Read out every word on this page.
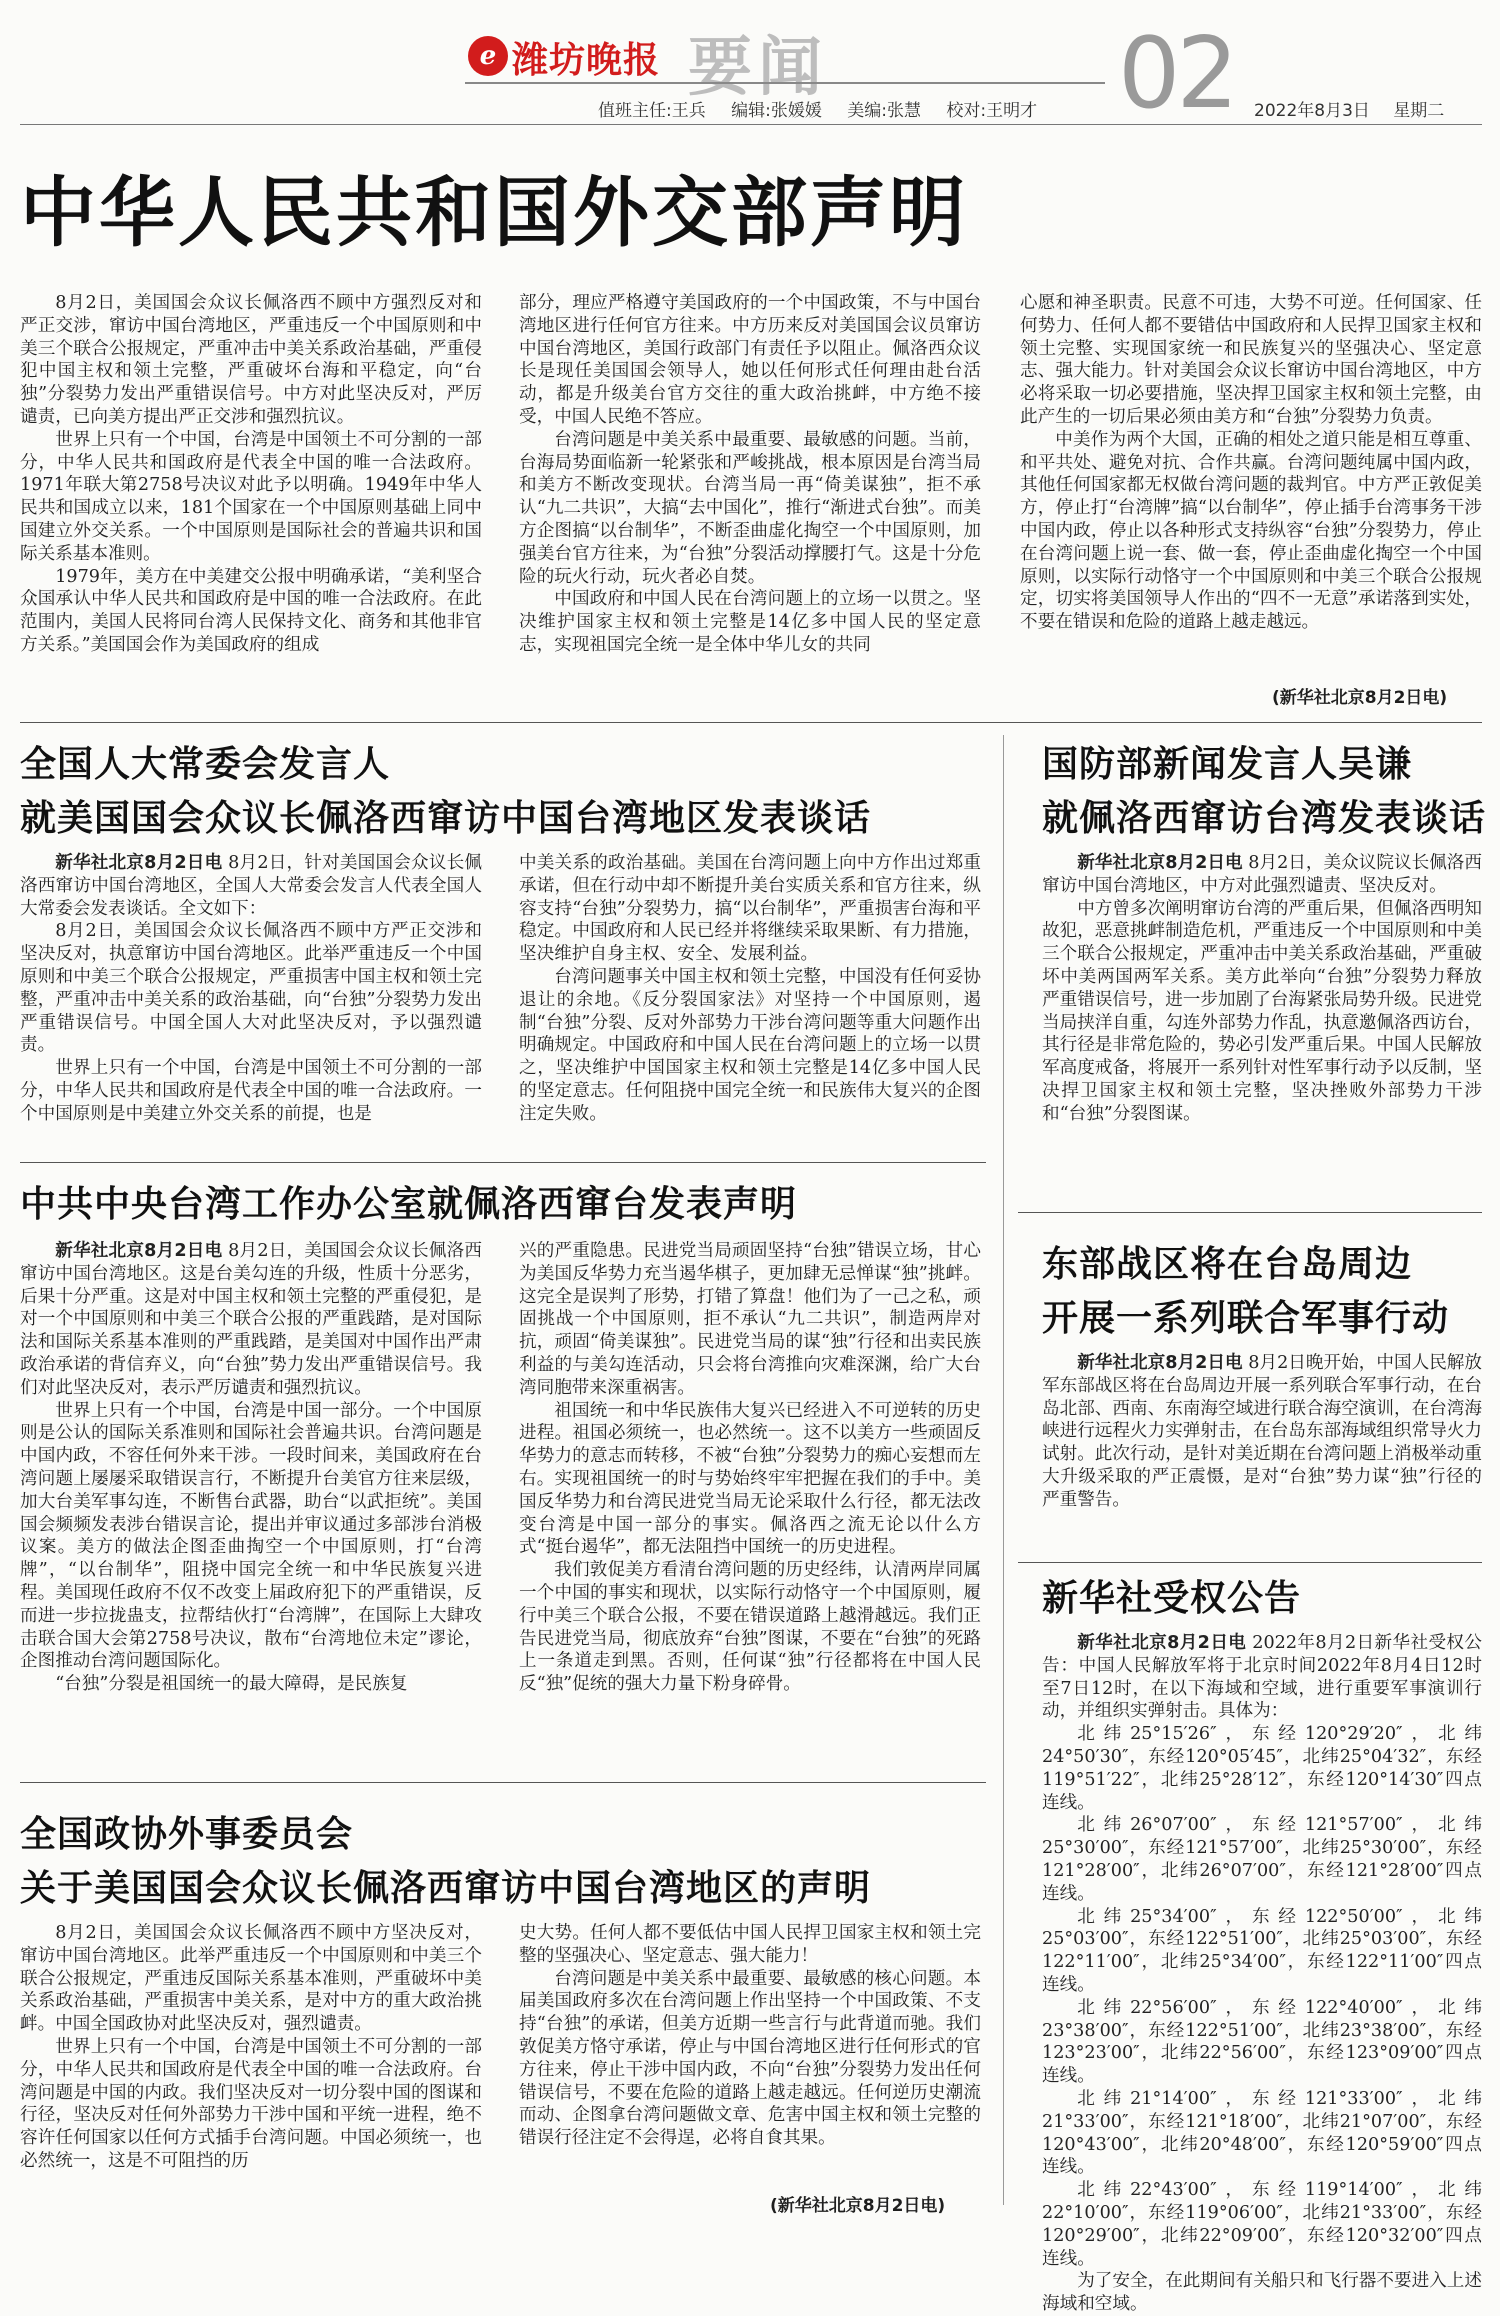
ℯ 潍坊晚报 要闻
值班主任:王兵 编辑:张媛媛 美编:张慧 校对:王明才 02 2022年8月3日 星期二
中华人民共和国外交部声明

8月2日，美国国会众议长佩洛西不顾中方强烈反对和严正交涉，窜访中国台湾地区，严重违反一个中国原则和中美三个联合公报规定，严重冲击中美关系政治基础，严重侵犯中国主权和领土完整，严重破坏台海和平稳定，向“台独”分裂势力发出严重错误信号。中方对此坚决反对，严厉谴责，已向美方提出严正交涉和强烈抗议。

世界上只有一个中国，台湾是中国领土不可分割的一部分，中华人民共和国政府是代表全中国的唯一合法政府。1971年联大第2758号决议对此予以明确。1949年中华人民共和国成立以来，181个国家在一个中国原则基础上同中国建立外交关系。一个中国原则是国际社会的普遍共识和国际关系基本准则。

1979年，美方在中美建交公报中明确承诺，“美利坚合众国承认中华人民共和国政府是中国的唯一合法政府。在此范围内，美国人民将同台湾人民保持文化、商务和其他非官方关系。”美国国会作为美国政府的组成

部分，理应严格遵守美国政府的一个中国政策，不与中国台湾地区进行任何官方往来。中方历来反对美国国会议员窜访中国台湾地区，美国行政部门有责任予以阻止。佩洛西众议长是现任美国国会领导人，她以任何形式任何理由赴台活动，都是升级美台官方交往的重大政治挑衅，中方绝不接受，中国人民绝不答应。

台湾问题是中美关系中最重要、最敏感的问题。当前，台海局势面临新一轮紧张和严峻挑战，根本原因是台湾当局和美方不断改变现状。台湾当局一再“倚美谋独”，拒不承认“九二共识”，大搞“去中国化”，推行“渐进式台独”。而美方企图搞“以台制华”，不断歪曲虚化掏空一个中国原则，加强美台官方往来，为“台独”分裂活动撑腰打气。这是十分危险的玩火行动，玩火者必自焚。

中国政府和中国人民在台湾问题上的立场一以贯之。坚决维护国家主权和领土完整是14亿多中国人民的坚定意志，实现祖国完全统一是全体中华儿女的共同

心愿和神圣职责。民意不可违，大势不可逆。任何国家、任何势力、任何人都不要错估中国政府和人民捍卫国家主权和领土完整、实现国家统一和民族复兴的坚强决心、坚定意志、强大能力。针对美国会众议长窜访中国台湾地区，中方必将采取一切必要措施，坚决捍卫国家主权和领土完整，由此产生的一切后果必须由美方和“台独”分裂势力负责。

中美作为两个大国，正确的相处之道只能是相互尊重、和平共处、避免对抗、合作共赢。台湾问题纯属中国内政，其他任何国家都无权做台湾问题的裁判官。中方严正敦促美方，停止打“台湾牌”搞“以台制华”，停止插手台湾事务干涉中国内政，停止以各种形式支持纵容“台独”分裂势力，停止在台湾问题上说一套、做一套，停止歪曲虚化掏空一个中国原则，以实际行动恪守一个中国原则和中美三个联合公报规定，切实将美国领导人作出的“四不一无意”承诺落到实处，不要在错误和危险的道路上越走越远。

(新华社北京8月2日电)
全国人大常委会发言人
就美国国会众议长佩洛西窜访中国台湾地区发表谈话

新华社北京8月2日电 8月2日，针对美国国会众议长佩洛西窜访中国台湾地区，全国人大常委会发言人代表全国人大常委会发表谈话。全文如下：

8月2日，美国国会众议长佩洛西不顾中方严正交涉和坚决反对，执意窜访中国台湾地区。此举严重违反一个中国原则和中美三个联合公报规定，严重损害中国主权和领土完整，严重冲击中美关系的政治基础，向“台独”分裂势力发出严重错误信号。中国全国人大对此坚决反对，予以强烈谴责。

世界上只有一个中国，台湾是中国领土不可分割的一部分，中华人民共和国政府是代表全中国的唯一合法政府。一个中国原则是中美建立外交关系的前提，也是

中美关系的政治基础。美国在台湾问题上向中方作出过郑重承诺，但在行动中却不断提升美台实质关系和官方往来，纵容支持“台独”分裂势力，搞“以台制华”，严重损害台海和平稳定。中国政府和人民已经并将继续采取果断、有力措施，坚决维护自身主权、安全、发展利益。

台湾问题事关中国主权和领土完整，中国没有任何妥协退让的余地。《反分裂国家法》对坚持一个中国原则，遏制“台独”分裂、反对外部势力干涉台湾问题等重大问题作出明确规定。中国政府和中国人民在台湾问题上的立场一以贯之，坚决维护中国国家主权和领土完整是14亿多中国人民的坚定意志。任何阻挠中国完全统一和民族伟大复兴的企图注定失败。

中共中央台湾工作办公室就佩洛西窜台发表声明

新华社北京8月2日电 8月2日，美国国会众议长佩洛西窜访中国台湾地区。这是台美勾连的升级，性质十分恶劣，后果十分严重。这是对中国主权和领土完整的严重侵犯，是对一个中国原则和中美三个联合公报的严重践踏，是对国际法和国际关系基本准则的严重践踏，是美国对中国作出严肃政治承诺的背信弃义，向“台独”势力发出严重错误信号。我们对此坚决反对，表示严厉谴责和强烈抗议。

世界上只有一个中国，台湾是中国一部分。一个中国原则是公认的国际关系准则和国际社会普遍共识。台湾问题是中国内政，不容任何外来干涉。一段时间来，美国政府在台湾问题上屡屡采取错误言行，不断提升台美官方往来层级，加大台美军事勾连，不断售台武器，助台“以武拒统”。美国国会频频发表涉台错误言论，提出并审议通过多部涉台消极议案。美方的做法企图歪曲掏空一个中国原则，打“台湾牌”，“以台制华”，阻挠中国完全统一和中华民族复兴进程。美国现任政府不仅不改变上届政府犯下的严重错误，反而进一步拉拢蛊支，拉帮结伙打“台湾牌”，在国际上大肆攻击联合国大会第2758号决议，散布“台湾地位未定”谬论，企图推动台湾问题国际化。

“台独”分裂是祖国统一的最大障碍，是民族复

兴的严重隐患。民进党当局顽固坚持“台独”错误立场，甘心为美国反华势力充当遏华棋子，更加肆无忌惮谋“独”挑衅。这完全是误判了形势，打错了算盘！他们为了一己之私，顽固挑战一个中国原则，拒不承认“九二共识”，制造两岸对抗，顽固“倚美谋独”。民进党当局的谋“独”行径和出卖民族利益的与美勾连活动，只会将台湾推向灾难深渊，给广大台湾同胞带来深重祸害。

祖国统一和中华民族伟大复兴已经进入不可逆转的历史进程。祖国必须统一，也必然统一。这不以美方一些顽固反华势力的意志而转移，不被“台独”分裂势力的痴心妄想而左右。实现祖国统一的时与势始终牢牢把握在我们的手中。美国反华势力和台湾民进党当局无论采取什么行径，都无法改变台湾是中国一部分的事实。佩洛西之流无论以什么方式“挺台遏华”，都无法阻挡中国统一的历史进程。

我们敦促美方看清台湾问题的历史经纬，认清两岸同属一个中国的事实和现状，以实际行动恪守一个中国原则，履行中美三个联合公报，不要在错误道路上越滑越远。我们正告民进党当局，彻底放弃“台独”图谋，不要在“台独”的死路上一条道走到黑。否则，任何谋“独”行径都将在中国人民反“独”促统的强大力量下粉身碎骨。

全国政协外事委员会
关于美国国会众议长佩洛西窜访中国台湾地区的声明

8月2日，美国国会众议长佩洛西不顾中方坚决反对，窜访中国台湾地区。此举严重违反一个中国原则和中美三个联合公报规定，严重违反国际关系基本准则，严重破坏中美关系政治基础，严重损害中美关系，是对中方的重大政治挑衅。中国全国政协对此坚决反对，强烈谴责。

世界上只有一个中国，台湾是中国领土不可分割的一部分，中华人民共和国政府是代表全中国的唯一合法政府。台湾问题是中国的内政。我们坚决反对一切分裂中国的图谋和行径，坚决反对任何外部势力干涉中国和平统一进程，绝不容许任何国家以任何方式插手台湾问题。中国必须统一，也必然统一，这是不可阻挡的历

史大势。任何人都不要低估中国人民捍卫国家主权和领土完整的坚强决心、坚定意志、强大能力！

台湾问题是中美关系中最重要、最敏感的核心问题。本届美国政府多次在台湾问题上作出坚持一个中国政策、不支持“台独”的承诺，但美方近期一些言行与此背道而驰。我们敦促美方恪守承诺，停止与中国台湾地区进行任何形式的官方往来，停止干涉中国内政，不向“台独”分裂势力发出任何错误信号，不要在危险的道路上越走越远。任何逆历史潮流而动、企图拿台湾问题做文章、危害中国主权和领土完整的错误行径注定不会得逞，必将自食其果。

(新华社北京8月2日电)
国防部新闻发言人吴谦
就佩洛西窜访台湾发表谈话

新华社北京8月2日电 8月2日，美众议院议长佩洛西窜访中国台湾地区，中方对此强烈谴责、坚决反对。

中方曾多次阐明窜访台湾的严重后果，但佩洛西明知故犯，恶意挑衅制造危机，严重违反一个中国原则和中美三个联合公报规定，严重冲击中美关系政治基础，严重破坏中美两国两军关系。美方此举向“台独”分裂势力释放严重错误信号，进一步加剧了台海紧张局势升级。民进党当局挟洋自重，勾连外部势力作乱，执意邀佩洛西访台，其行径是非常危险的，势必引发严重后果。中国人民解放军高度戒备，将展开一系列针对性军事行动予以反制，坚决捍卫国家主权和领土完整，坚决挫败外部势力干涉和“台独”分裂图谋。

东部战区将在台岛周边
开展一系列联合军事行动

新华社北京8月2日电 8月2日晚开始，中国人民解放军东部战区将在台岛周边开展一系列联合军事行动，在台岛北部、西南、东南海空域进行联合海空演训，在台湾海峡进行远程火力实弹射击，在台岛东部海域组织常导火力试射。此次行动，是针对美近期在台湾问题上消极举动重大升级采取的严正震慑，是对“台独”势力谋“独”行径的严重警告。

新华社受权公告

新华社北京8月2日电 2022年8月2日新华社受权公告：中国人民解放军将于北京时间2022年8月4日12时至7日12时，在以下海域和空域，进行重要军事演训行动，并组织实弹射击。具体为：

北纬25°15′26″，东经120°29′20″，北纬24°50′30″，东经120°05′45″，北纬25°04′32″，东经119°51′22″，北纬25°28′12″，东经120°14′30″四点连线。

北纬26°07′00″，东经121°57′00″，北纬25°30′00″，东经121°57′00″，北纬25°30′00″，东经121°28′00″，北纬26°07′00″，东经121°28′00″四点连线。

北纬25°34′00″，东经122°50′00″，北纬25°03′00″，东经122°51′00″，北纬25°03′00″，东经122°11′00″，北纬25°34′00″，东经122°11′00″四点连线。

北纬22°56′00″，东经122°40′00″，北纬23°38′00″，东经122°51′00″，北纬23°38′00″，东经123°23′00″，北纬22°56′00″，东经123°09′00″四点连线。

北纬21°14′00″，东经121°33′00″，北纬21°33′00″，东经121°18′00″，北纬21°07′00″，东经120°43′00″，北纬20°48′00″，东经120°59′00″四点连线。

北纬22°43′00″，东经119°14′00″，北纬22°10′00″，东经119°06′00″，北纬21°33′00″，东经120°29′00″，北纬22°09′00″，东经120°32′00″四点连线。

为了安全，在此期间有关船只和飞行器不要进入上述海域和空域。
